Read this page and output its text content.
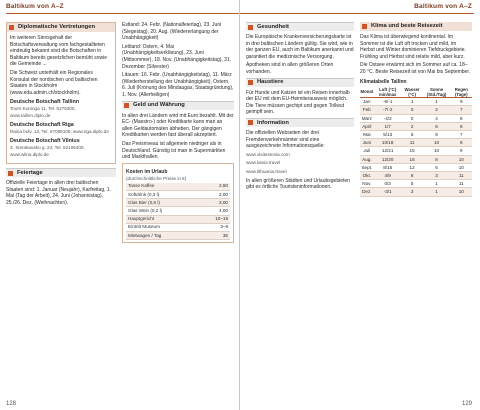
Baltikum von A–Z
Diplomatische Vertretungen

Im weiteren Sinnsgehalt der Botschaftsverwaltung vom fachgestallteten eindeutig bekannt sind die Botschaften in Baltikum bereits gesetzlichen bemüht sowie die Gemeinde ...

Die Schweiz unterhält ein Regionales Konsulat der nordischen und baltischen Staaten in Stockholm (www.eda.admin.ch/stockholm).

Deutsche Botschaft Tallinn

Toom-Kuninga 11, Tel. 6275300, www.tallinn.diplo.de

Deutsche Botschaft Riga

Raiņa bulv. 13, Tel. 67085100, www.riga.diplo.de

Deutsche Botschaft Vilnius

Z. Sierakausko g. 24, Tel. 52106400, www.wilna.diplo.de

Feiertage

Offizielle Feiertage in allen drei baltischen Staaten sind: 1. Januar (Neujahr), Karfreitag, 1. Mai (Tag der Arbeit), 24. Juni (Johannistag), 25./26. Dez. (Weihnachten).

Estland: 24. Febr. (Nationalfeiertag), 23. Juni (Siegestag), 20. Aug. (Wiedererlangung der Unabhängigkeit)

Lettland: Ostern, 4. Mai (Unabhängigkeitserklärung), 23. Juni (Mittsommer), 18. Nov. (Unabhängigkeitstag), 31. Dezember (Silvester)

Litauen: 16. Febr. (Unabhängigkeitstag), 11. März (Wiederherstellung der Unabhängigkeit), Ostern, 6. Juli (Krönung des Mindaugas, Staatsgründung), 1. Nov. (Allerheiligen)

Geld und Währung

In allen drei Ländern wird mit Euro bezahlt. Mit der EC- (Maestro-) oder Kreditkarte kann man an allen Geldautomaten abheben. Der gängigen Kreditkarten werden fast überall akzeptiert.

Das Preisniveau ist allgemein niedriger als in Deutschland. Günstig ist man in Supermärkten und Markthallen.

Kosten im Urlaub
(durchschnittliche Preise in €)
Tasse Kaffee	2,50
Softdrink (0,3 l)	2,00
Glas Bier (0,5 l)	3,00
Glas Wein (0,2 l)	4,00
Hauptgericht	10–15
Eintritt Museum	3–8
Mietwagen / Tag	35
128
Baltikum von A–Z
Gesundheit

Die Europäische Krankenversicherungskarte ist in drei baltischen Ländern gültig. Sie wird, wie in der ganzen EU, auch im Baltikum anerkannt und garantiert die medizinische Versorgung.

Apotheken sind in allen größeren Orten vorhanden.

Haustiere

Für Hunde und Katzen ist ein Reisen innerhalb der EU mit dem EU-Heimtierausweis möglich. Die Tiere müssen gechipt und gegen Tollwut geimpft sein.

Information

Die offiziellen Webseiten der drei Fremdenverkehrsämter sind eine ausgezeichnete Informationsquelle:

www.visitestonia.com

www.latvia.travel

www.lithuania.travel

In allen größeren Städten und Urlaubsgebieten gibt es örtliche Touristeninformationen.

Klima und beste Reisezeit

Das Klima ist überwiegend kontinental. Im Sommer ist die Luft oft trocken und mild, im Herbst und Winter dominieren Tiefdruckgebiete. Frühling und Herbst sind relativ mild, aber kurz.

Die Ostsee erwärmt sich im Sommer auf ca. 18–20 °C. Beste Reisezeit ist von Mai bis September.

Klimatabelle Tallinn
Monat	Luft (°C) min/max	Wasser (°C)	Sonne (Std./Tag)	Regen (Tage)
Jan	-6/-1	1	1	9
Feb	-7/-2	0	2	7
März	-4/2	0	4	8
April	1/7	2	6	8
Mai	5/13	5	9	7
Juni	10/18	11	10	8
Juli	12/21	15	10	9
Aug.	12/20	16	8	10
Sept.	8/15	12	6	10
Okt.	4/9	8	3	11
Nov.	0/3	5	1	11
Dez.	-3/1	3	1	10
129
